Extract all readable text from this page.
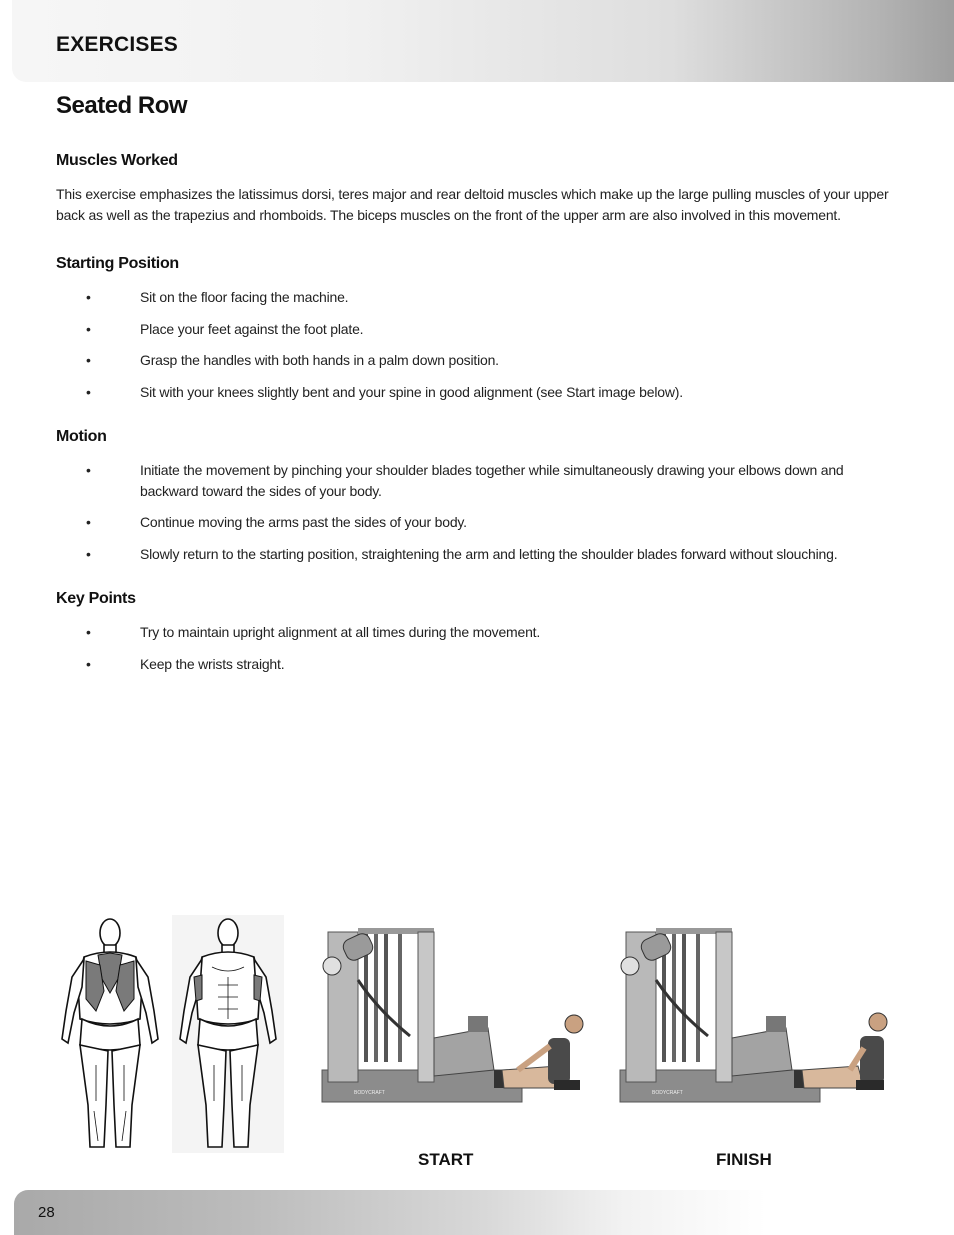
EXERCISES
Seated Row
Muscles Worked

This exercise emphasizes the latissimus dorsi, teres major and rear deltoid muscles which make up the large pulling muscles of your upper back as well as the trapezius and rhomboids. The biceps muscles on the front of the upper arm are also involved in this movement.

Starting Position
•	Sit on the floor facing the machine.
•	Place your feet against the foot plate.
•	Grasp the handles with both hands in a palm down position.
•	Sit with your knees slightly bent and your spine in good alignment (see Start image below).
Motion
•	Initiate the movement by pinching your shoulder blades together while simultaneously drawing your elbows down and backward toward the sides of your body.
•	Continue moving the arms past the sides of your body.
•	Slowly return to the starting position, straightening the arm and letting the shoulder blades forward without slouching.
Key Points
•	Try to maintain upright alignment at all times during the movement.
•	Keep the wrists straight.
BODYCRAFT	BODYCRAFT
START	FINISH
28
